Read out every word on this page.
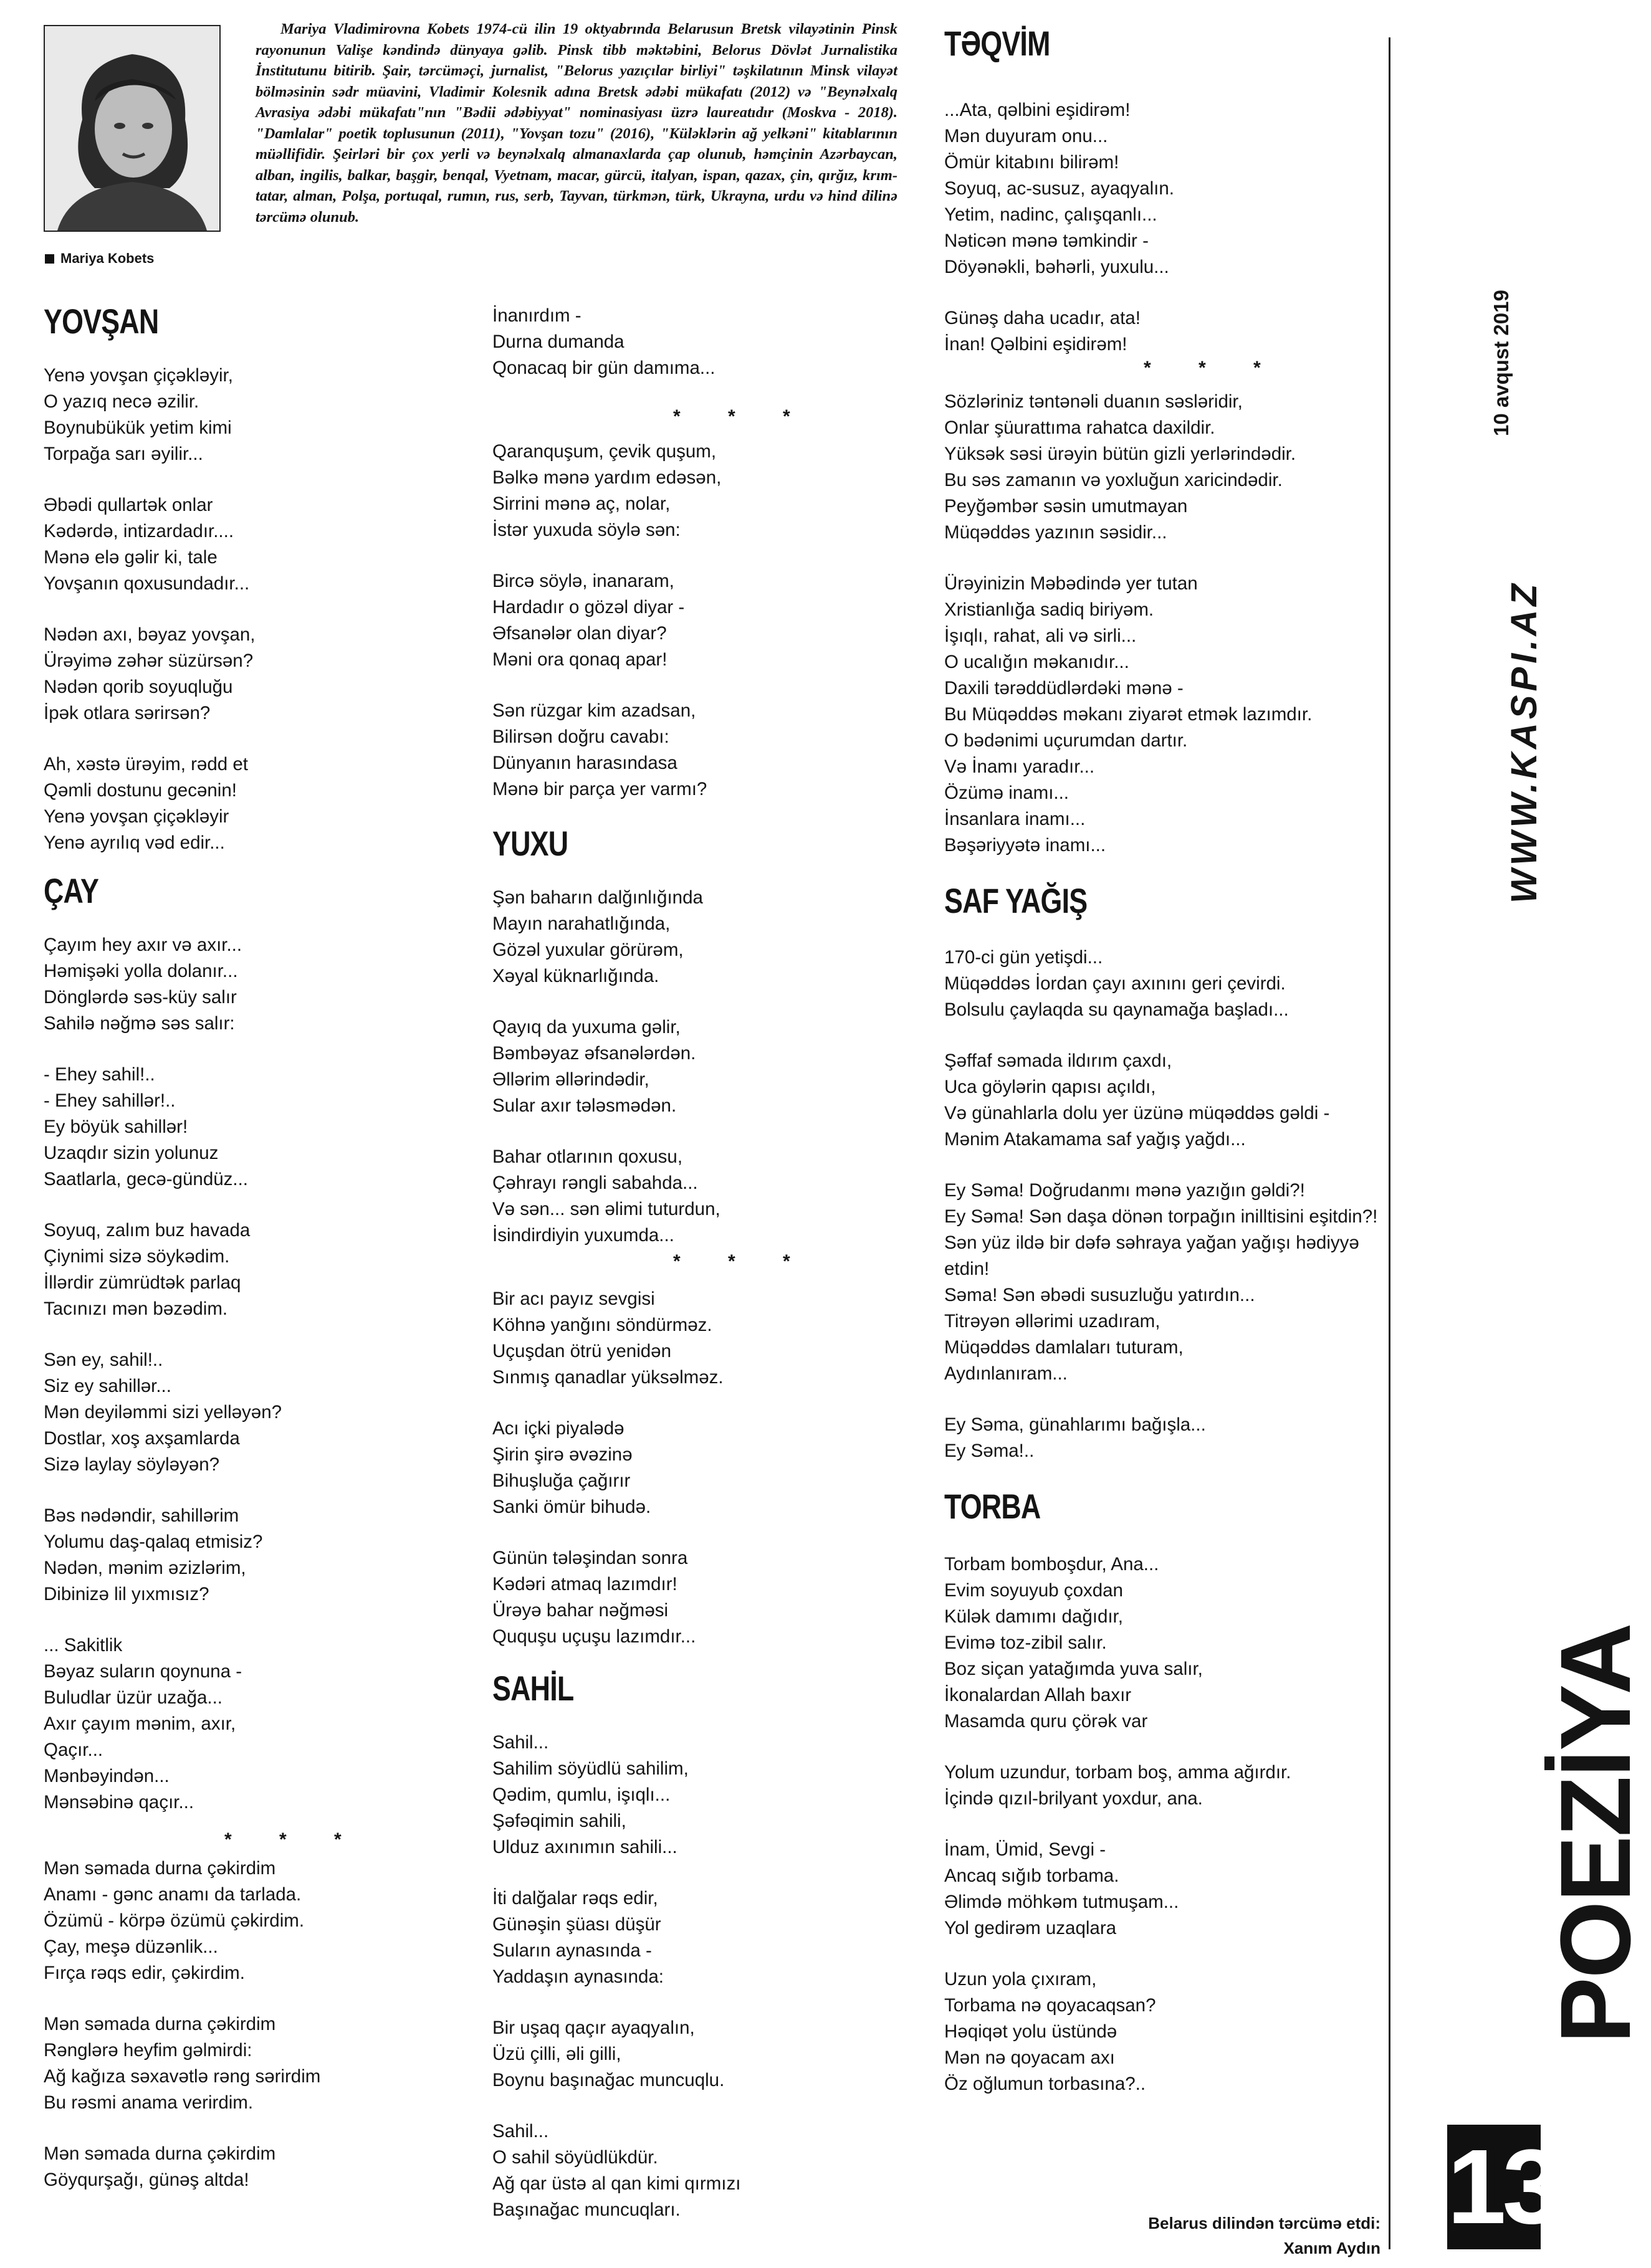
Mariya Kobets

Mariya Vladimirovna Kobets 1974-cü ilin 19 oktyabrında Belarusun Bretsk vilayətinin Pinsk rayonunun Valişe kəndində dünyaya gəlib. Pinsk tibb məktəbini, Belorus Dövlət Jurnalistika İnstitutunu bitirib. Şair, tərcüməçi, jurnalist, "Belorus yazıçılar birliyi" təşkilatının Minsk vilayət bölməsinin sədr müavini, Vladimir Kolesnik adına Bretsk ədəbi mükafatı (2012) və "Beynəlxalq Avrasiya ədəbi mükafatı"nın "Bədii ədəbiyyat" nominasiyası üzrə laureatıdır (Moskva - 2018). "Damlalar" poetik toplusunun (2011), "Yovşan tozu" (2016), "Küləklərin ağ yelkəni" kitablarının müəllifidir. Şeirləri bir çox yerli və beynəlxalq almanaxlarda çap olunub, həmçinin Azərbaycan, alban, ingilis, balkar, başgir, benqal, Vyetnam, macar, gürcü, italyan, ispan, qazax, çin, qırğız, krım-tatar, alman, Polşa, portuqal, rumın, rus, serb, Tayvan, türkmən, türk, Ukrayna, urdu və hind dilinə tərcümə olunub.

YOVŞAN

Yenə yovşan çiçəkləyir,
O yazıq necə əzilir.
Boynubükük yetim kimi
Torpağa sarı əyilir...

Əbədi qullartək onlar
Kədərdə, intizardadır....
Mənə elə gəlir ki, tale
Yovşanın qoxusundadır...

Nədən axı, bəyaz yovşan,
Ürəyimə zəhər süzürsən?
Nədən qorib soyuqluğu
İpək otlara sərirsən?

Ah, xəstə ürəyim, rədd et
Qəmli dostunu gecənin!
Yenə yovşan çiçəkləyir
Yenə ayrılıq vəd edir...

ÇAY

Çayım hey axır və axır...
Həmişəki yolla dolanır...
Dönglərdə səs-küy salır
Sahilə nəğmə səs salır:

- Ehey sahil!..
- Ehey sahillər!..
Ey böyük sahillər!
Uzaqdır sizin yolunuz
Saatlarla, gecə-gündüz...

Soyuq, zalım buz havada
Çiynimi sizə söykədim.
İllərdir zümrüdtək parlaq
Tacınızı mən bəzədim.

Sən ey, sahil!..
Siz ey sahillər...
Mən deyiləmmi sizi yelləyən?
Dostlar, xoş axşamlarda
Sizə laylay söyləyən?

Bəs nədəndir, sahillərim
Yolumu daş-qalaq etmisiz?
Nədən, mənim əzizlərim,
Dibinizə lil yıxmısız?

... Sakitlik
Bəyaz suların qoynuna -
Buludlar üzür uzağa...
Axır çayım mənim, axır,
Qaçır...
Mənbəyindən...
Mənsəbinə qaçır...

* * *

Mən səmada durna çəkirdim
Anamı - gənc anamı da tarlada.
Özümü - körpə özümü çəkirdim.
Çay, meşə düzənlik...
Fırça rəqs edir, çəkirdim.

Mən səmada durna çəkirdim
Rənglərə heyfim gəlmirdi:
Ağ kağıza səxavətlə rəng sərirdim
Bu rəsmi anama verirdim.

Mən səmada durna çəkirdim
Göyqurşağı, günəş altda!

İnanırdım -
Durna dumanda
Qonacaq bir gün damıma...

* * *

Qaranquşum, çevik quşum,
Bəlkə mənə yardım edəsən,
Sirrini mənə aç, nolar,
İstər yuxuda söylə sən:

Bircə söylə, inanaram,
Hardadır o gözəl diyar -
Əfsanələr olan diyar?
Məni ora qonaq apar!

Sən rüzgar kim azadsan,
Bilirsən doğru cavabı:
Dünyanın harasındasa
Mənə bir parça yer varmı?

YUXU

Şən baharın dalğınlığında
Mayın narahatlığında,
Gözəl yuxular görürəm,
Xəyal küknarlığında.

Qayıq da yuxuma gəlir,
Bəmbəyaz əfsanələrdən.
Əllərim əllərindədir,
Sular axır tələsmədən.

Bahar otlarının qoxusu,
Çəhrayı rəngli sabahda...
Və sən... sən əlimi tuturdun,
İsindirdiyin yuxumda...

* * *

Bir acı payız sevgisi
Köhnə yanğını söndürməz.
Uçuşdan ötrü yenidən
Sınmış qanadlar yüksəlməz.

Acı içki piyalədə
Şirin şirə əvəzinə
Bihuşluğa çağırır
Sanki ömür bihudə.

Günün tələşindan sonra
Kədəri atmaq lazımdır!
Ürəyə bahar nəğməsi
Ququşu uçuşu lazımdır...

SAHİL

Sahil...
Sahilim söyüdlü sahilim,
Qədim, qumlu, işıqlı...
Şəfəqimin sahili,
Ulduz axınımın sahili...

İti dalğalar rəqs edir,
Günəşin şüası düşür
Suların aynasında -
Yaddaşın aynasında:

Bir uşaq qaçır ayaqyalın,
Üzü çilli, əli gilli,
Boynu başınağac muncuqlu.

Sahil...
O sahil söyüdlükdür.
Ağ qar üstə al qan kimi qırmızı
Başınağac muncuqları.

TƏQVİM

...Ata, qəlbini eşidirəm!
Mən duyuram onu...
Ömür kitabını bilirəm!
Soyuq, ac-susuz, ayaqyalın.
Yetim, nadinc, çalışqanlı...
Nəticən mənə təmkindir -
Döyənəkli, bəhərli, yuxulu...

Günəş daha ucadır, ata!
İnan! Qəlbini eşidirəm!

* * *

Sözləriniz təntənəli duanın səsləridir,
Onlar şüurattıma rahatca daxildir.
Yüksək səsi ürəyin bütün gizli yerlərindədir.
Bu səs zamanın və yoxluğun xaricindədir.
Peyğəmbər səsin umutmayan
Müqəddəs yazının səsidir...

Ürəyinizin Məbədində yer tutan
Xristianlığa sadiq biriyəm.
İşıqlı, rahat, ali və sirli...
O ucalığın məkanıdır...
Daxili tərəddüdlərdəki mənə -
Bu Müqəddəs məkanı ziyarət etmək lazımdır.
O bədənimi uçurumdan dartır.
Və İnamı yaradır...
Özümə inamı...
İnsanlara inamı...
Bəşəriyyətə inamı...

SAF YAĞIŞ

170-ci gün yetişdi...
Müqəddəs İordan çayı axınını geri çevirdi.
Bolsulu çaylaqda su qaynamağa başladı...

Şəffaf səmada ildırım çaxdı,
Uca göylərin qapısı açıldı,
Və günahlarla dolu yer üzünə müqəddəs gəldi -
Mənim Atakamama saf yağış yağdı...

Ey Səma! Doğrudanmı mənə yazığın gəldi?!
Ey Səma! Sən daşa dönən torpağın inilltisini eşitdin?!
Sən yüz ildə bir dəfə səhraya yağan yağışı hədiyyə etdin!
Səma! Sən əbədi susuzluğu yatırdın...
Titrəyən əllərimi uzadıram,
Müqəddəs damlaları tuturam,
Aydınlanıram...

Ey Səma, günahlarımı bağışla...
Ey Səma!..

TORBA

Torbam bomboşdur, Ana...
Evim soyuyub çoxdan
Külək damımı dağıdır,
Evimə toz-zibil salır.
Boz siçan yatağımda yuva salır,
İkonalardan Allah baxır
Masamda quru çörək var

Yolum uzundur, torbam boş, amma ağırdır.
İçində qızıl-brilyant yoxdur, ana.

İnam, Ümid, Sevgi -
Ancaq sığıb torbama.
Əlimdə möhkəm tutmuşam...
Yol gedirəm uzaqlara

Uzun yola çıxıram,
Torbama nə qoyacaqsan?
Həqiqət yolu üstündə
Mən nə qoyacam axı
Öz oğlumun torbasına?..

Belarus dilindən tərcümə etdi:
Xanım Aydın
10 avqust 2019
WWW.KASPI.AZ
POEZİYA
13
